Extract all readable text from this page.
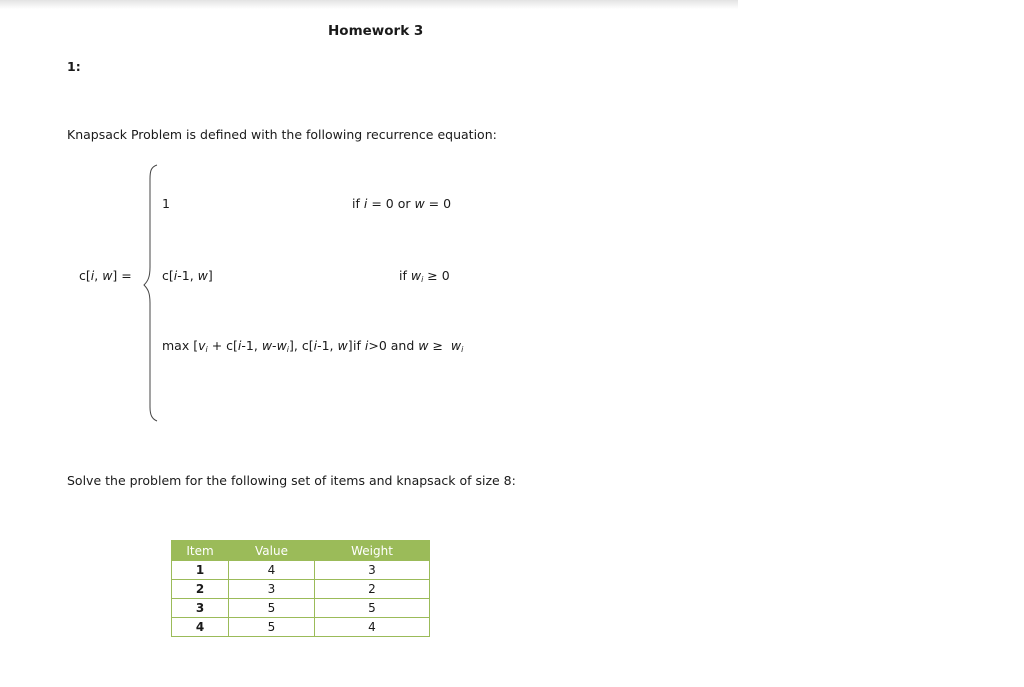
Homework 3
1:
Knapsack Problem is defined with the following recurrence equation:
c[i, w] =
1	if i = 0 or w = 0
c[i-1, w]	if $w_i \ge 0$
$\max [v_i + c[i-1$, $w-w_i$], c[i-1, w] if i>0 and $w \ge w_i$
Solve the problem for the following set of items and knapsack of size 8:
Item	Value	Weight
1	4	3
2	3	2
3	5	5
4	5	4
